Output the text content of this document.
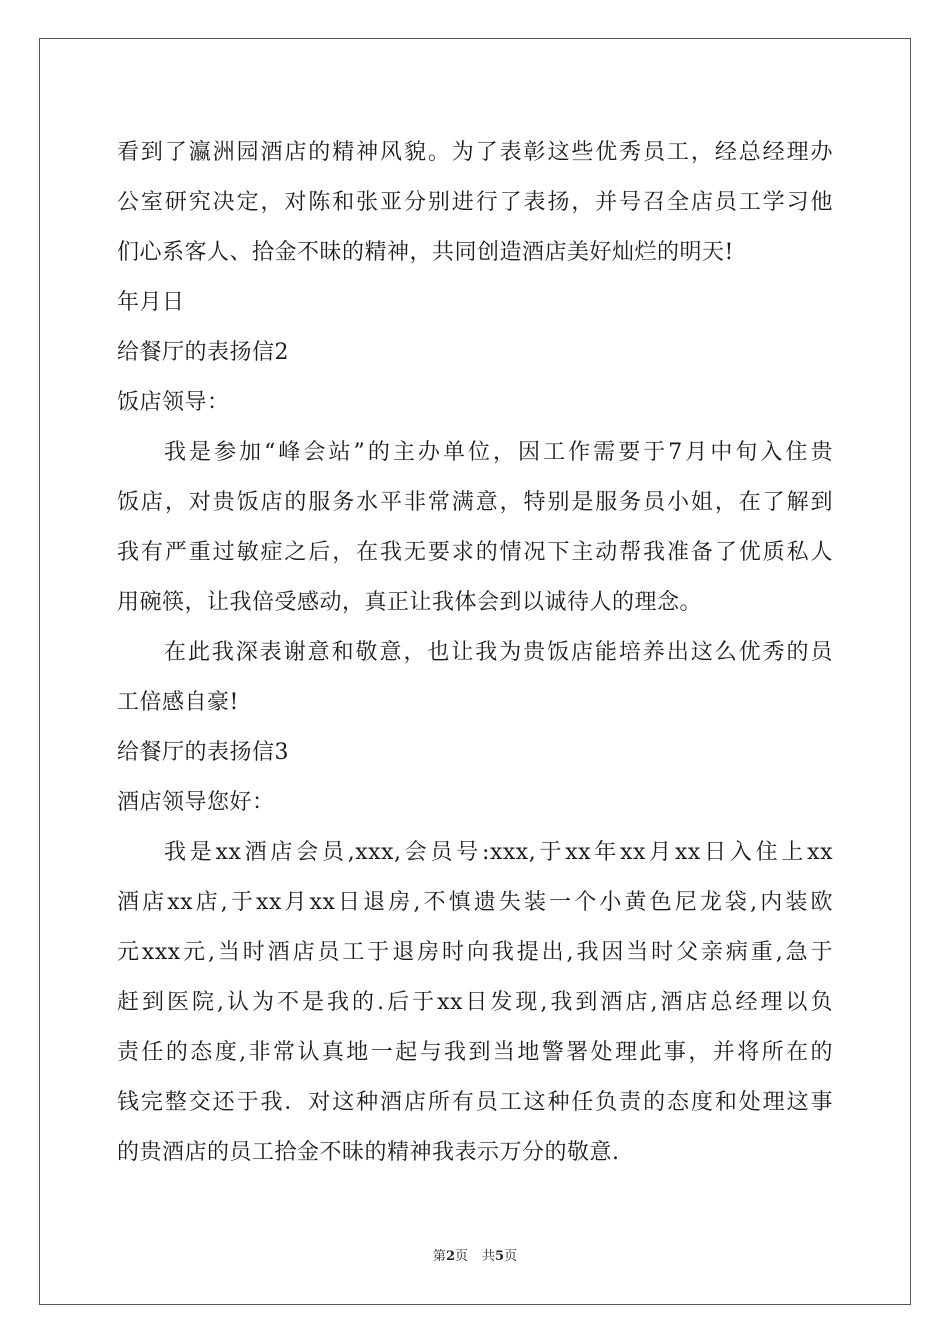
看到了瀛洲园酒店的精神风貌。为了表彰这些优秀员工，经总经理办
公室研究决定，对陈和张亚分别进行了表扬，并号召全店员工学习他
们心系客人、拾金不昧的精神，共同创造酒店美好灿烂的明天!
年月日
给餐厅的表扬信2
饭店领导：
我是参加“峰会站”的主办单位，因工作需要于7月中旬入住贵
饭店，对贵饭店的服务水平非常满意，特别是服务员小姐，在了解到
我有严重过敏症之后，在我无要求的情况下主动帮我准备了优质私人
用碗筷，让我倍受感动，真正让我体会到以诚待人的理念。
在此我深表谢意和敬意，也让我为贵饭店能培养出这么优秀的员
工倍感自豪!
给餐厅的表扬信3
酒店领导您好：
我是xx酒店会员,xxx,会员号:xxx,于xx年xx月xx日入住上xx
酒店xx店,于xx月xx日退房,不慎遗失装一个小黄色尼龙袋,内装欧
元xxx元,当时酒店员工于退房时向我提出,我因当时父亲病重,急于
赶到医院,认为不是我的.后于xx日发现,我到酒店,酒店总经理以负
责任的态度,非常认真地一起与我到当地警署处理此事，并将所在的
钱完整交还于我．对这种酒店所有员工这种任负责的态度和处理这事
的贵酒店的员工拾金不昧的精神我表示万分的敬意.
第2页 共5页
